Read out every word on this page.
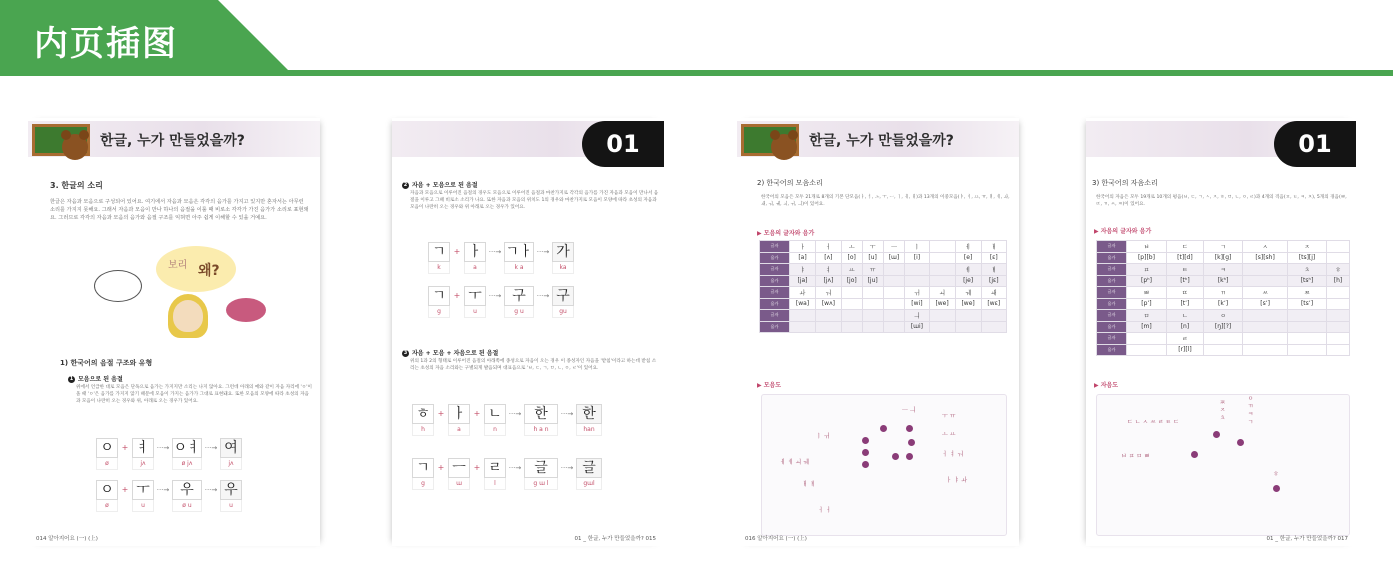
内页插图
한글, 누가 만들었을까?
3. 한글의 소리
한글은 자음과 모음으로 구성되어 있어요. 여기에서 자음과 모음은 각각의 음가를 가지고 있지만 혼자서는 아무런 소리를 가지지 못해요. 그래서 자음과 모음이 만나 하나의 음절을 이룰 때 비로소 각각가 가진 음가가 소리로 표현돼요. 그러므로 각각의 자음과 모음의 음가와 음절 구조를 익혀면 아주 쉽게 이해할 수 있을 거예요.
보리 왜?
1) 한국어의 음절 구조와 유형
1 모음으로 된 음절
위에서 언급한 대로 모음은 단독으로 음가는 가지지만 소리는 나지 않아요. 그런데 아래의 예와 같이 자음 자리에 'ㅇ'이 올 때 'ㅇ'은 음가를 가지지 않기 때문에 모음이 가지는 음가가 그대로 표현돼요. 또한 모음의 모양에 따라 초성의 자음과 모음이 나란히 오는 경우와 위, 아래로 오는 경우가 있어요.
ㅇ
ø
+ ㅕ
jʌ
···→ ㅇㅕ
ø jʌ
···→ 여
jʌ
ㅇ
ø
+ ㅜ
u
···→ 우
ø u
···→ 우
u
014 알아지어요 (一) (上)
01
2 자음 + 모음으로 된 음절
자음과 모음으로 이루어진 음절의 경우도 모음으로 이루어진 음절과 마찬가지로 각각의 음가를 가진 자음과 모음이 만나서 음절을 이루고 그때 비로소 소리가 나요. 또한 자음과 모음의 위치도 1의 경우와 마찬가지로 모음이 모양에 따라 초성의 자음과 모음이 나란히 오는 경우와 위 아래로 오는 경우가 있어요.
ㄱ
k
+ ㅏ
a
···→ ㄱㅏ
k a
···→ 가
ka
ㄱ
g
+ ㅜ
u
···→ 구
g u
···→ 구
gu
3 자음 + 모음 + 자음으로 된 음절
위의 1과 2의 형태로 이루어진 음절의 아래쪽에 종성으로 자음이 오는 경우 이 종성자인 자음을 '받침'이라고 하는데 받침 소리는 초성의 자음 소리와는 구별되게 발음되며 대표음으로 'ㅂ, ㄷ, ㄱ, ㅁ, ㄴ, ㅇ, ㄹ'이 있어요.
ㅎ
h
+ ㅏ
a
+ ㄴ
n
···→ 한
h a n
···→ 한
han
ㄱ
g
+ ㅡ
ɯ
+ ㄹ
l
···→ 글
g ɯ l
···→ 글
gɯl
01 _ 한글, 누가 만들었을까? 015
한글, 누가 만들었을까?
2) 한국어의 모음소리
한국어의 모음은 모두 21개로 8개의 기본 단모음(ㅏ, ㅓ, ㅗ, ㅜ, ㅡ, ㅣ, ㅔ, ㅐ)과 13개의 이중모음(ㅑ, ㅕ, ㅛ, ㅠ, ㅒ, ㅖ, ㅘ, ㅙ, ㅝ, ㅞ, ㅚ, ㅟ, ㅢ)이 있어요.
▶ 모음의 글자와 음가
글자	ㅏ	ㅓ	ㅗ	ㅜ	ㅡ	ㅣ		ㅔ	ㅐ
음가	[a]	[ʌ]	[o]	[u]	[ɯ]	[i]		[e]	[ɛ]
글자	ㅑ	ㅕ	ㅛ	ㅠ				ㅖ	ㅒ
음가	[ja]	[jʌ]	[jo]	[ju]				[je]	[jɛ]
글자	ㅘ	ㅝ				ㅟ	ㅚ	ㅞ	ㅙ
음가	[wa]	[wʌ]				[wi]	[we]	[we]	[wɛ]
글자						ㅢ			
음가						[ɯi]			
▶ 모음도
ㅡ ㅢ
ㅜ ㅠ
ㅗ ㅛ
ㅣ ㅟ
ㅓ ㅕ ㅝ
ㅔ ㅖ ㅚ ㅞ
ㅐ ㅒ
ㅏ ㅑ ㅘ
ㅓ ㅓ
016 알아지어요 (一) (上)
01
3) 한국어의 자음소리
한국어의 자음은 모두 19개로 10개의 평음(ㅂ, ㄷ, ㄱ, ㅅ, ㅈ, ㅎ, ㅁ, ㄴ, ㅇ, ㄹ)과 4개의 격음(ㅍ, ㅌ, ㅋ, ㅊ), 5개의 경음(ㅃ, ㄸ, ㄲ, ㅆ, ㅉ)이 있어요.
▶ 자음의 글자와 음가
글자	ㅂ	ㄷ	ㄱ	ㅅ	ㅈ	
음가	[p][b]	[t][d]	[k][g]	[s][sh]	[ts][j]	
글자	ㅍ	ㅌ	ㅋ		ㅊ	ㅎ
음가	[pʰ]	[tʰ]	[kʰ]		[tsʰ]	[h]
글자	ㅃ	ㄸ	ㄲ	ㅆ	ㅉ	
음가	[pʼ]	[tʼ]	[kʼ]	[sʼ]	[tsʼ]	
글자	ㅁ	ㄴ	ㅇ			
음가	[m]	[n]	[ŋ][?]			
글자		ㄹ				
음가		[r][l]				
▶ 자음도
ㄷ ㄴ ㅅ ㅆ ㄹ ㅌ ㄷ
ㅂ ㅍ ㅁ ㅃ
ㅉ ㅈ ㅊ	ㅇ ㄲ ㅋ ㄱ
ㅎ
01 _ 한글, 누가 만들었을까? 017
